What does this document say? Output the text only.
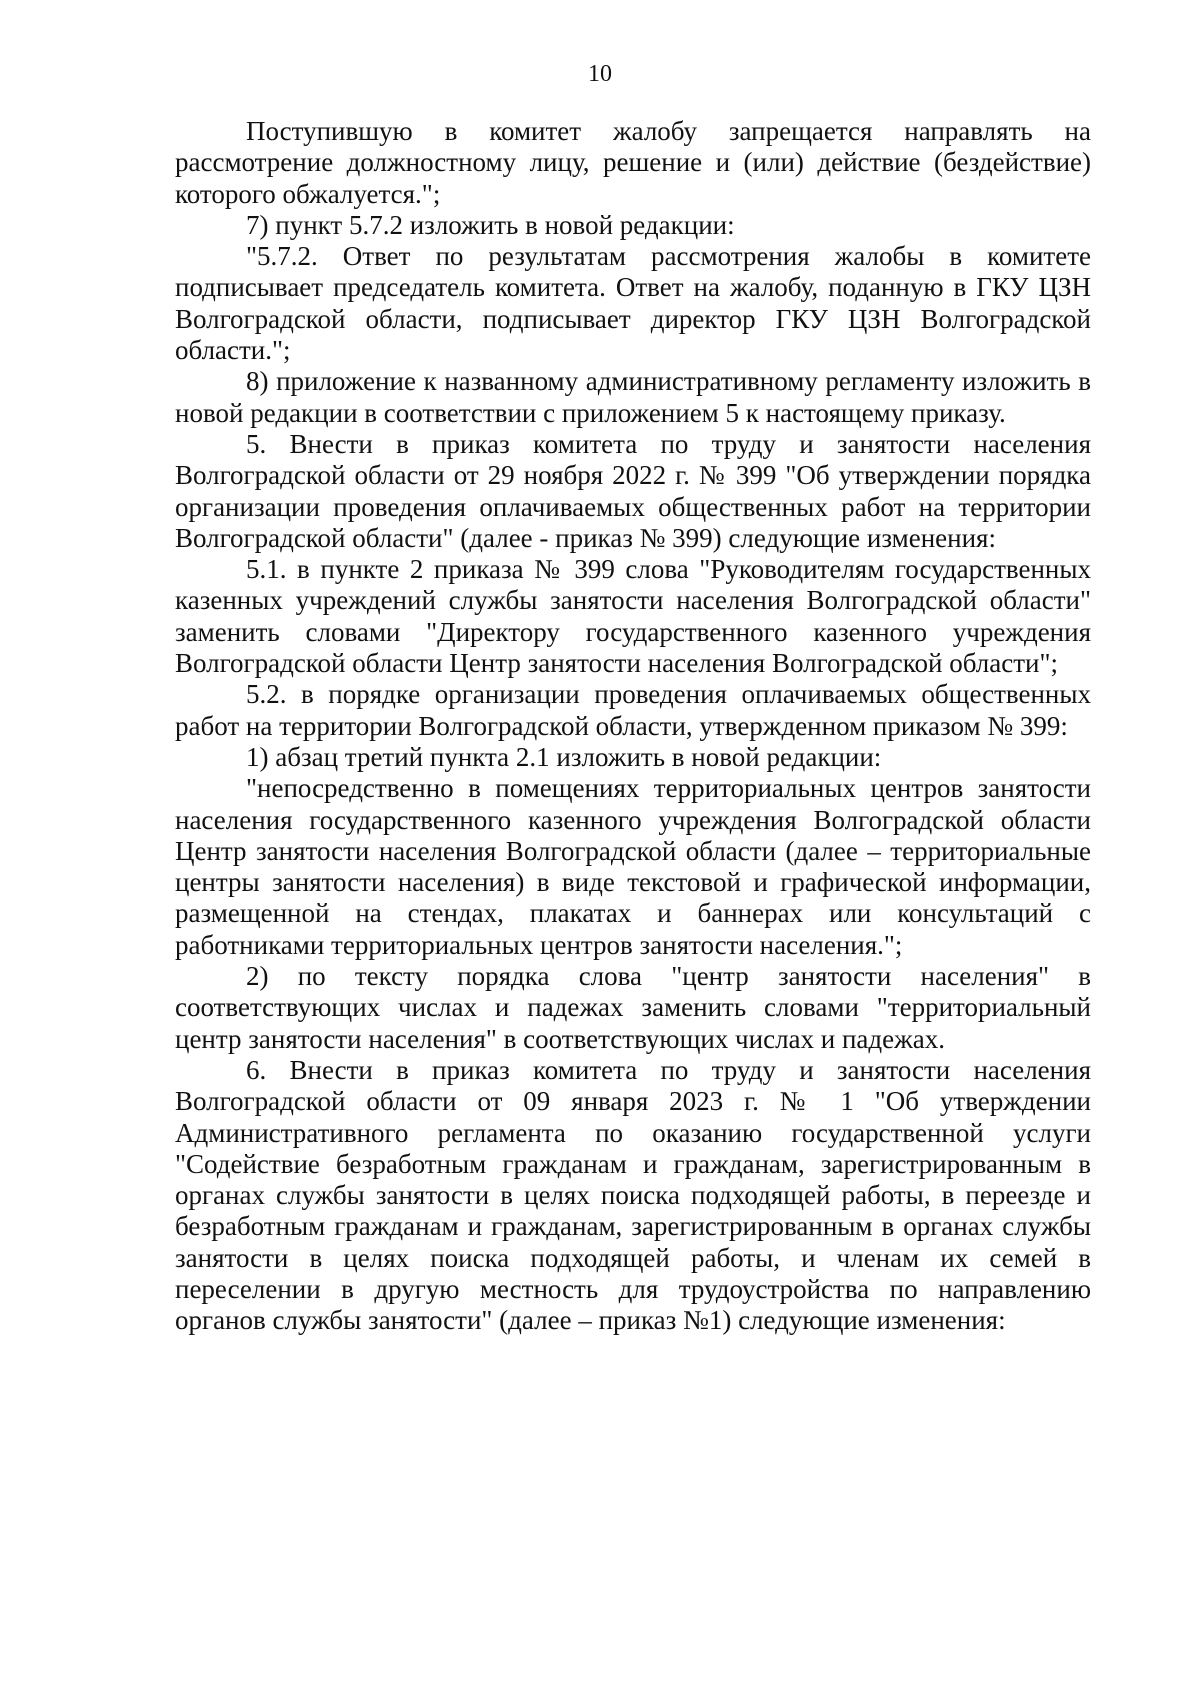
10

Поступившую в комитет жалобу запрещается направлять на рассмотрение должностному лицу, решение и (или) действие (бездействие) которого обжалуется.";

7) пункт 5.7.2 изложить в новой редакции:

"5.7.2. Ответ по результатам рассмотрения жалобы в комитете подписывает председатель комитета. Ответ на жалобу, поданную в ГКУ ЦЗН Волгоградской области, подписывает директор ГКУ ЦЗН Волгоградской области.";

8) приложение к названному административному регламенту изложить в новой редакции в соответствии с приложением 5 к настоящему приказу.

5. Внести в приказ комитета по труду и занятости населения Волгоградской области от 29 ноября 2022 г. № 399 "Об утверждении порядка организации проведения оплачиваемых общественных работ на территории Волгоградской области" (далее - приказ № 399) следующие изменения:

5.1. в пункте 2 приказа № 399 слова "Руководителям государственных казенных учреждений службы занятости населения Волгоградской области" заменить словами "Директору государственного казенного учреждения Волгоградской области Центр занятости населения Волгоградской области";

5.2. в порядке организации проведения оплачиваемых общественных работ на территории Волгоградской области, утвержденном приказом № 399:

1) абзац третий пункта 2.1 изложить в новой редакции:

"непосредственно в помещениях территориальных центров занятости населения государственного казенного учреждения Волгоградской области Центр занятости населения Волгоградской области (далее – территориальные центры занятости населения) в виде текстовой и графической информации, размещенной на стендах, плакатах и баннерах или консультаций с работниками территориальных центров занятости населения.";

2) по тексту порядка слова "центр занятости населения" в соответствующих числах и падежах заменить словами "территориальный центр занятости населения" в соответствующих числах и падежах.

6. Внести в приказ комитета по труду и занятости населения Волгоградской области от 09 января 2023 г. № 1 "Об утверждении Административного регламента по оказанию государственной услуги "Содействие безработным гражданам и гражданам, зарегистрированным в органах службы занятости в целях поиска подходящей работы, в переезде и безработным гражданам и гражданам, зарегистрированным в органах службы занятости в целях поиска подходящей работы, и членам их семей в переселении в другую местность для трудоустройства по направлению органов службы занятости" (далее – приказ №1) следующие изменения:
